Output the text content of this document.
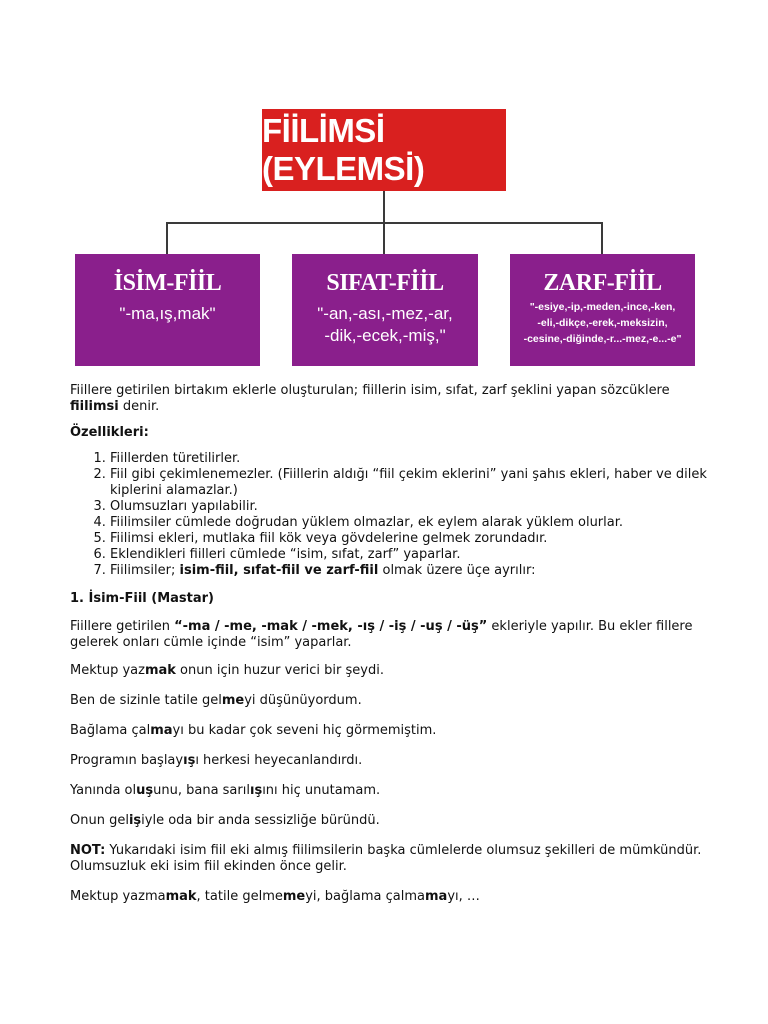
FİİLİMSİ (EYLEMSİ)
İSİM-FİİL
"-ma,ış,mak"
SIFAT-FİİL
"-an,-ası,-mez,-ar,
-dik,-ecek,-miş,"
ZARF-FİİL
"-esiye,-ip,-meden,-ince,-ken,
-eli,-dikçe,-erek,-meksizin,
-cesine,-diğinde,-r...-mez,-e...-e"

Fiillere getirilen birtakım eklerle oluşturulan; fiillerin isim, sıfat, zarf şeklini yapan sözcüklere fiilimsi denir.

Özellikleri:

1. Fiillerden türetilirler.
2. Fiil gibi çekimlenemezler. (Fiillerin aldığı “fiil çekim eklerini” yani şahıs ekleri, haber ve dilek kiplerini alamazlar.)
3. Olumsuzları yapılabilir.
4. Fiilimsiler cümlede doğrudan yüklem olmazlar, ek eylem alarak yüklem olurlar.
5. Fiilimsi ekleri, mutlaka fiil kök veya gövdelerine gelmek zorundadır.
6. Eklendikleri fiilleri cümlede “isim, sıfat, zarf” yaparlar.
7. Fiilimsiler; isim-fiil, sıfat-fiil ve zarf-fiil olmak üzere üçe ayrılır:

1. İsim-Fiil (Mastar)

Fiillere getirilen “-ma / -me, -mak / -mek, -ış / -iş / -uş / -üş” ekleriyle yapılır. Bu ekler fillere gelerek onları cümle içinde “isim” yaparlar.

Mektup yazmak onun için huzur verici bir şeydi.

Ben de sizinle tatile gelmeyi düşünüyordum.

Bağlama çalmayı bu kadar çok seveni hiç görmemiştim.

Programın başlayışı herkesi heyecanlandırdı.

Yanında oluşunu, bana sarılışını hiç unutamam.

Onun gelişiyle oda bir anda sessizliğe büründü.

NOT: Yukarıdaki isim fiil eki almış fiilimsilerin başka cümlelerde olumsuz şekilleri de mümkündür. Olumsuzluk eki isim fiil ekinden önce gelir.

Mektup yazmamak, tatile gelmemeyi, bağlama çalmamayı, …
